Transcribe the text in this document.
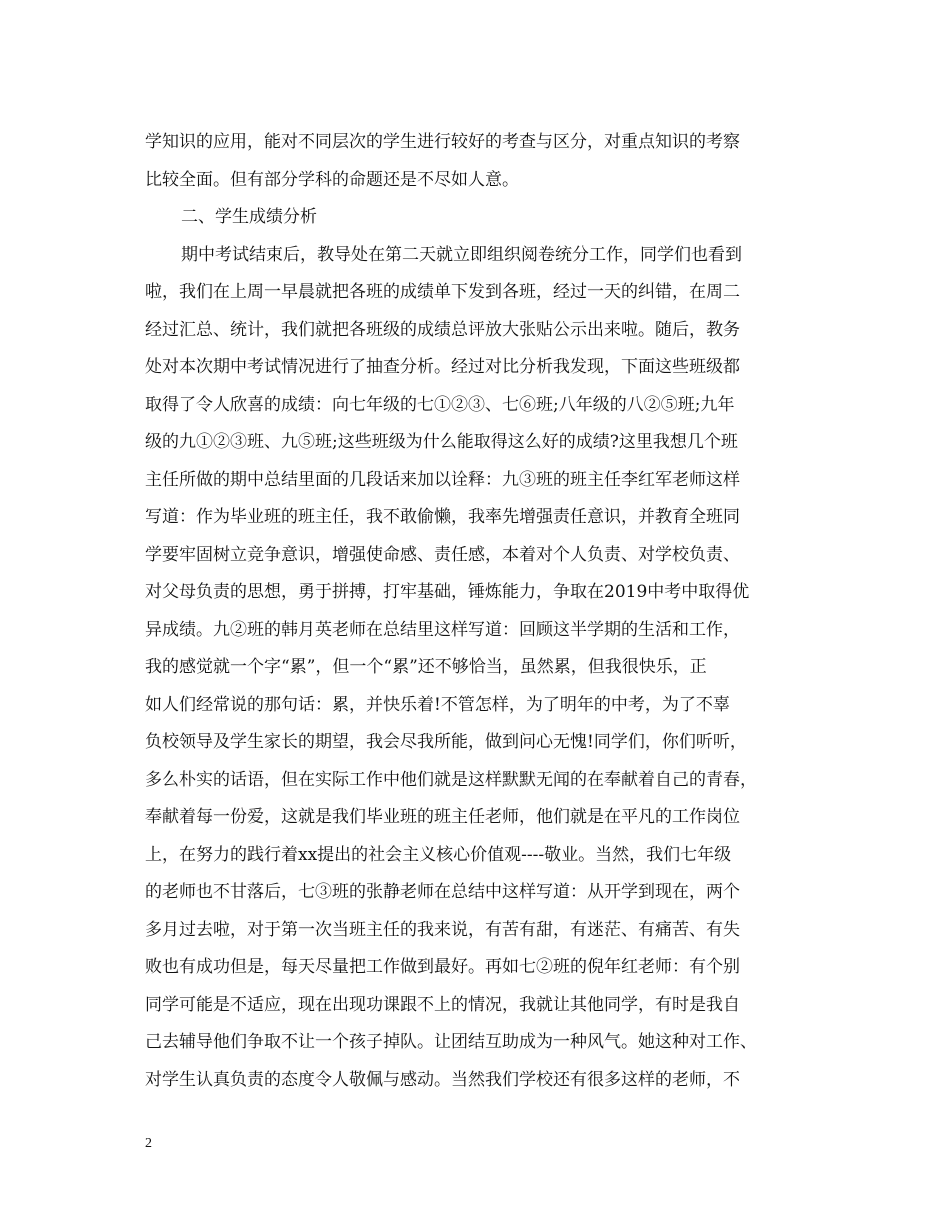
学知识的应用，能对不同层次的学生进行较好的考查与区分，对重点知识的考察
比较全面。但有部分学科的命题还是不尽如人意。
二、学生成绩分析
期中考试结束后，教导处在第二天就立即组织阅卷统分工作，同学们也看到
啦，我们在上周一早晨就把各班的成绩单下发到各班，经过一天的纠错，在周二
经过汇总、统计，我们就把各班级的成绩总评放大张贴公示出来啦。随后，教务
处对本次期中考试情况进行了抽查分析。经过对比分析我发现，下面这些班级都
取得了令人欣喜的成绩：向七年级的七①②③、七⑥班;八年级的八②⑤班;九年
级的九①②③班、九⑤班;这些班级为什么能取得这么好的成绩?这里我想几个班
主任所做的期中总结里面的几段话来加以诠释：九③班的班主任李红军老师这样
写道：作为毕业班的班主任，我不敢偷懒，我率先增强责任意识，并教育全班同
学要牢固树立竞争意识，增强使命感、责任感，本着对个人负责、对学校负责、
对父母负责的思想，勇于拼搏，打牢基础，锤炼能力，争取在2019中考中取得优
异成绩。九②班的韩月英老师在总结里这样写道：回顾这半学期的生活和工作，
我的感觉就一个字“累”，但一个“累”还不够恰当，虽然累，但我很快乐，正
如人们经常说的那句话：累，并快乐着!不管怎样，为了明年的中考，为了不辜
负校领导及学生家长的期望，我会尽我所能，做到问心无愧!同学们，你们听听，
多么朴实的话语，但在实际工作中他们就是这样默默无闻的在奉献着自己的青春，
奉献着每一份爱，这就是我们毕业班的班主任老师，他们就是在平凡的工作岗位
上，在努力的践行着xx提出的社会主义核心价值观----敬业。当然，我们七年级
的老师也不甘落后，七③班的张静老师在总结中这样写道：从开学到现在，两个
多月过去啦，对于第一次当班主任的我来说，有苦有甜，有迷茫、有痛苦、有失
败也有成功但是，每天尽量把工作做到最好。再如七②班的倪年红老师：有个别
同学可能是不适应，现在出现功课跟不上的情况，我就让其他同学，有时是我自
己去辅导他们争取不让一个孩子掉队。让团结互助成为一种风气。她这种对工作、
对学生认真负责的态度令人敬佩与感动。当然我们学校还有很多这样的老师，不
2
